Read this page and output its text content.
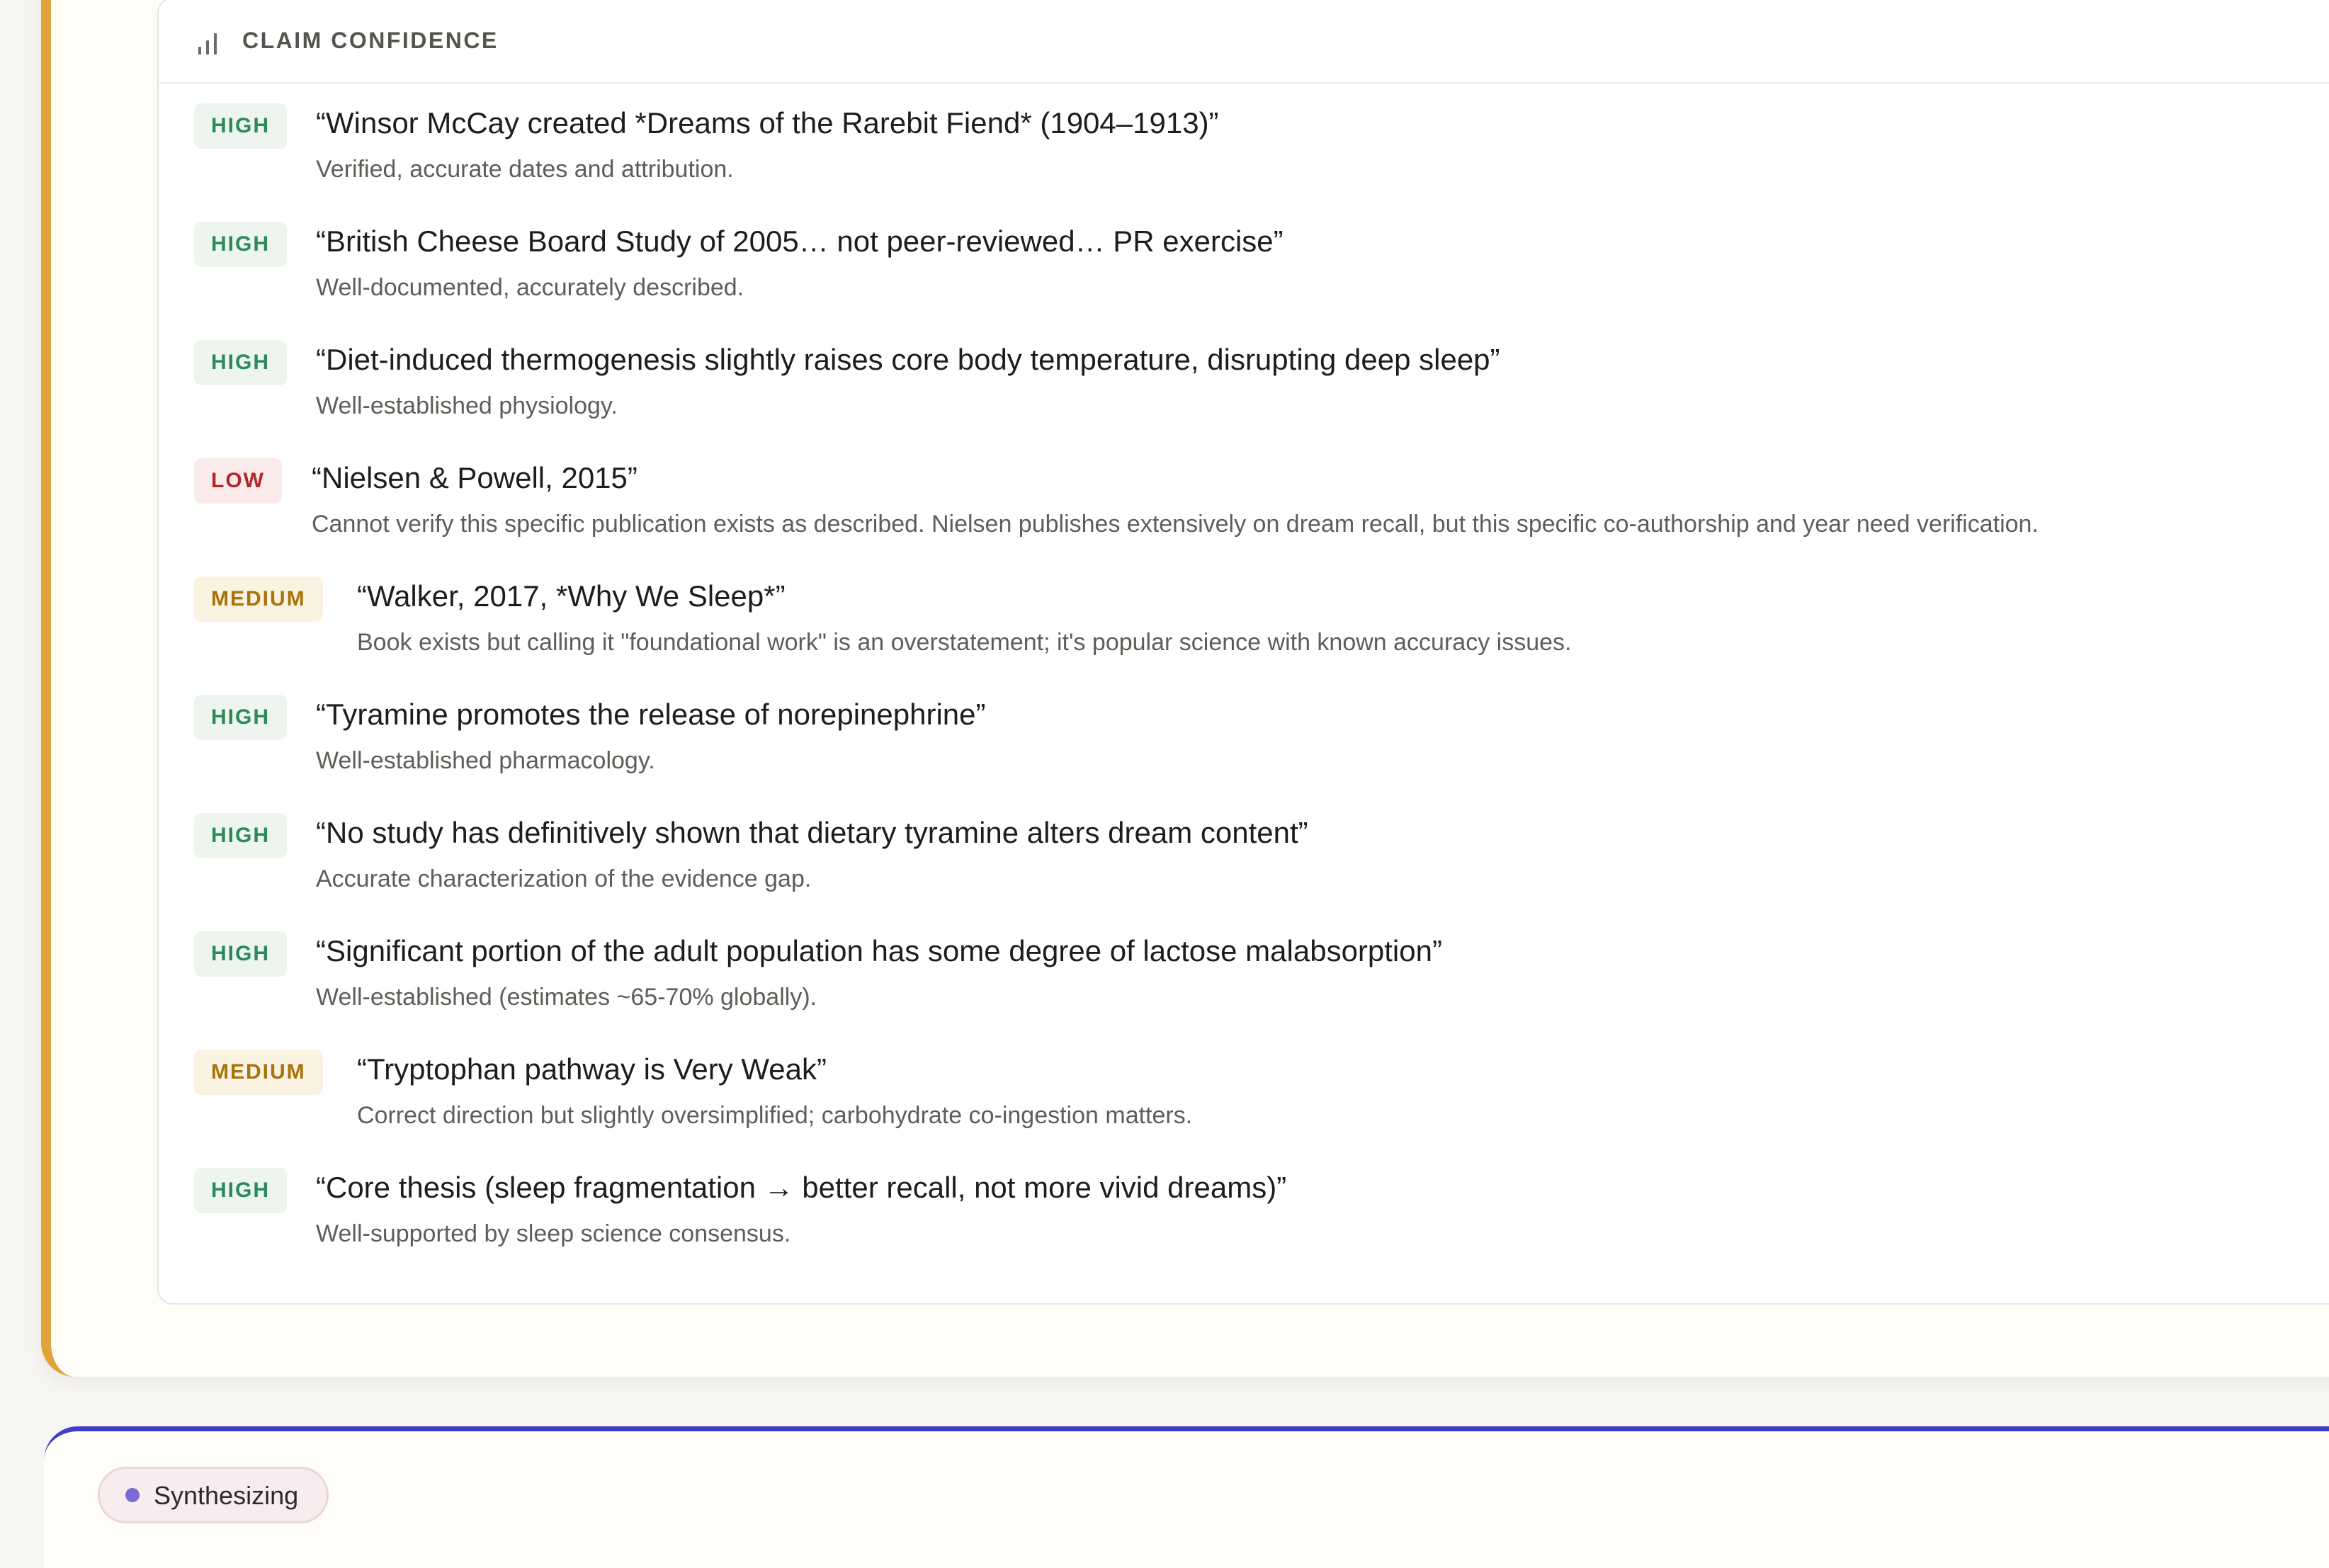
CLAIM CONFIDENCE
HIGH	“Winsor McCay created *Dreams of the Rarebit Fiend* (1904–1913)”
Verified, accurate dates and attribution.
HIGH	“British Cheese Board Study of 2005… not peer-reviewed… PR exercise”
Well-documented, accurately described.
HIGH	“Diet-induced thermogenesis slightly raises core body temperature, disrupting deep sleep”
Well-established physiology.
LOW	“Nielsen & Powell, 2015”
Cannot verify this specific publication exists as described. Nielsen publishes extensively on dream recall, but this specific co-authorship and year need verification.
MEDIUM	“Walker, 2017, *Why We Sleep*”
Book exists but calling it "foundational work" is an overstatement; it's popular science with known accuracy issues.
HIGH	“Tyramine promotes the release of norepinephrine”
Well-established pharmacology.
HIGH	“No study has definitively shown that dietary tyramine alters dream content”
Accurate characterization of the evidence gap.
HIGH	“Significant portion of the adult population has some degree of lactose malabsorption”
Well-established (estimates ~65-70% globally).
MEDIUM	“Tryptophan pathway is Very Weak”
Correct direction but slightly oversimplified; carbohydrate co-ingestion matters.
HIGH	“Core thesis (sleep fragmentation → better recall, not more vivid dreams)”
Well-supported by sleep science consensus.
Synthesizing
